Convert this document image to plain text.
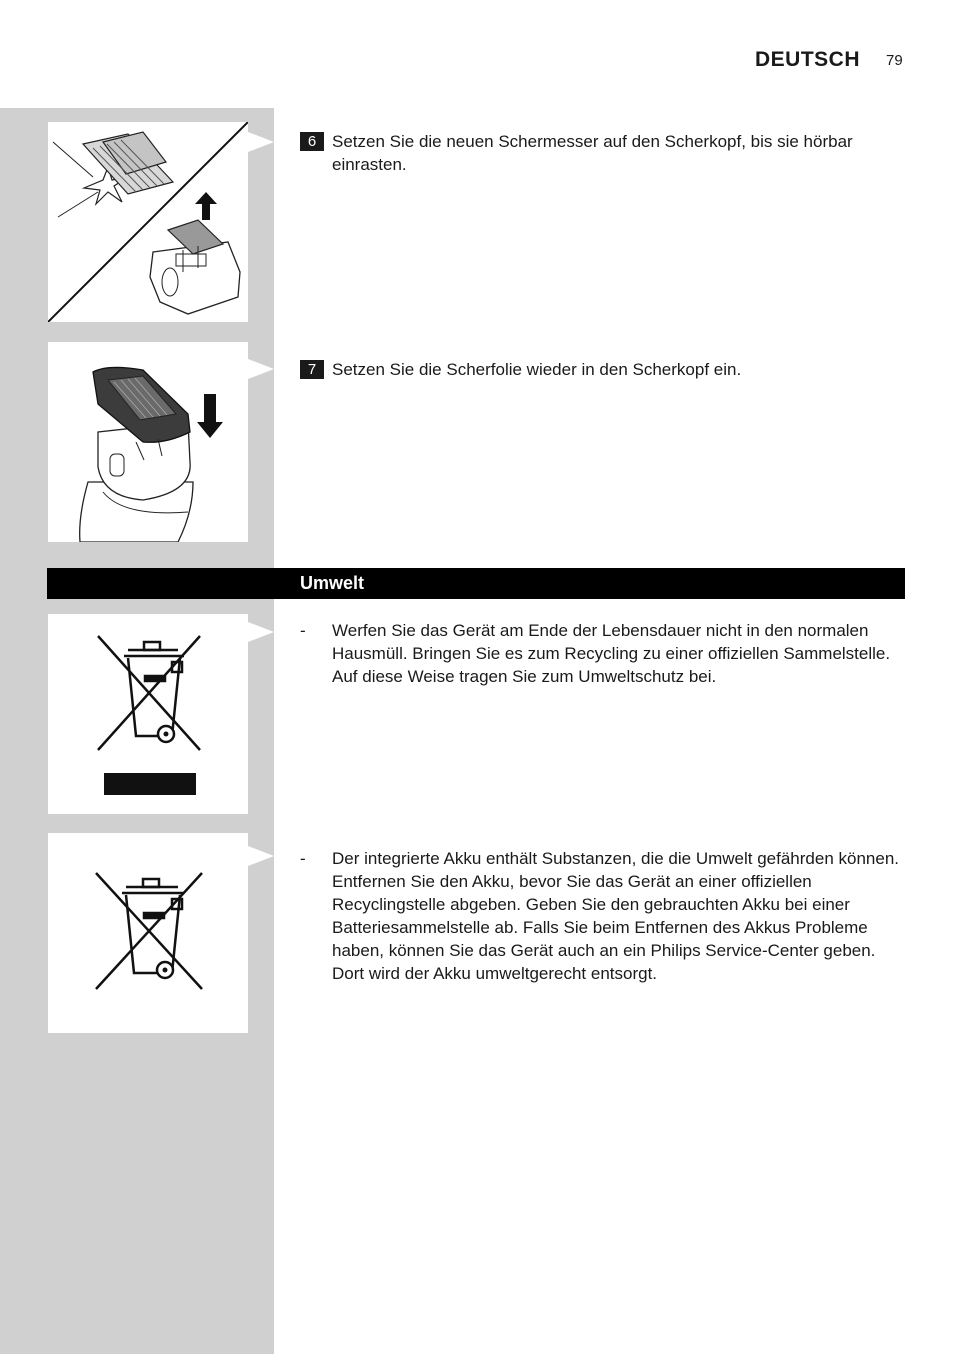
DEUTSCH 79
6 Setzen Sie die neuen Schermesser auf den Scherkopf, bis sie hörbar einrasten.
7 Setzen Sie die Scherfolie wieder in den Scherkopf ein.
Umwelt
- Werfen Sie das Gerät am Ende der Lebensdauer nicht in den normalen Hausmüll. Bringen Sie es zum Recycling zu einer offiziellen Sammelstelle. Auf diese Weise tragen Sie zum Umweltschutz bei.
- Der integrierte Akku enthält Substanzen, die die Umwelt gefährden können. Entfernen Sie den Akku, bevor Sie das Gerät an einer offiziellen Recyclingstelle abgeben. Geben Sie den gebrauchten Akku bei einer Batteriesammelstelle ab. Falls Sie beim Entfernen des Akkus Probleme haben, können Sie das Gerät auch an ein Philips Service-Center geben. Dort wird der Akku umweltgerecht entsorgt.
